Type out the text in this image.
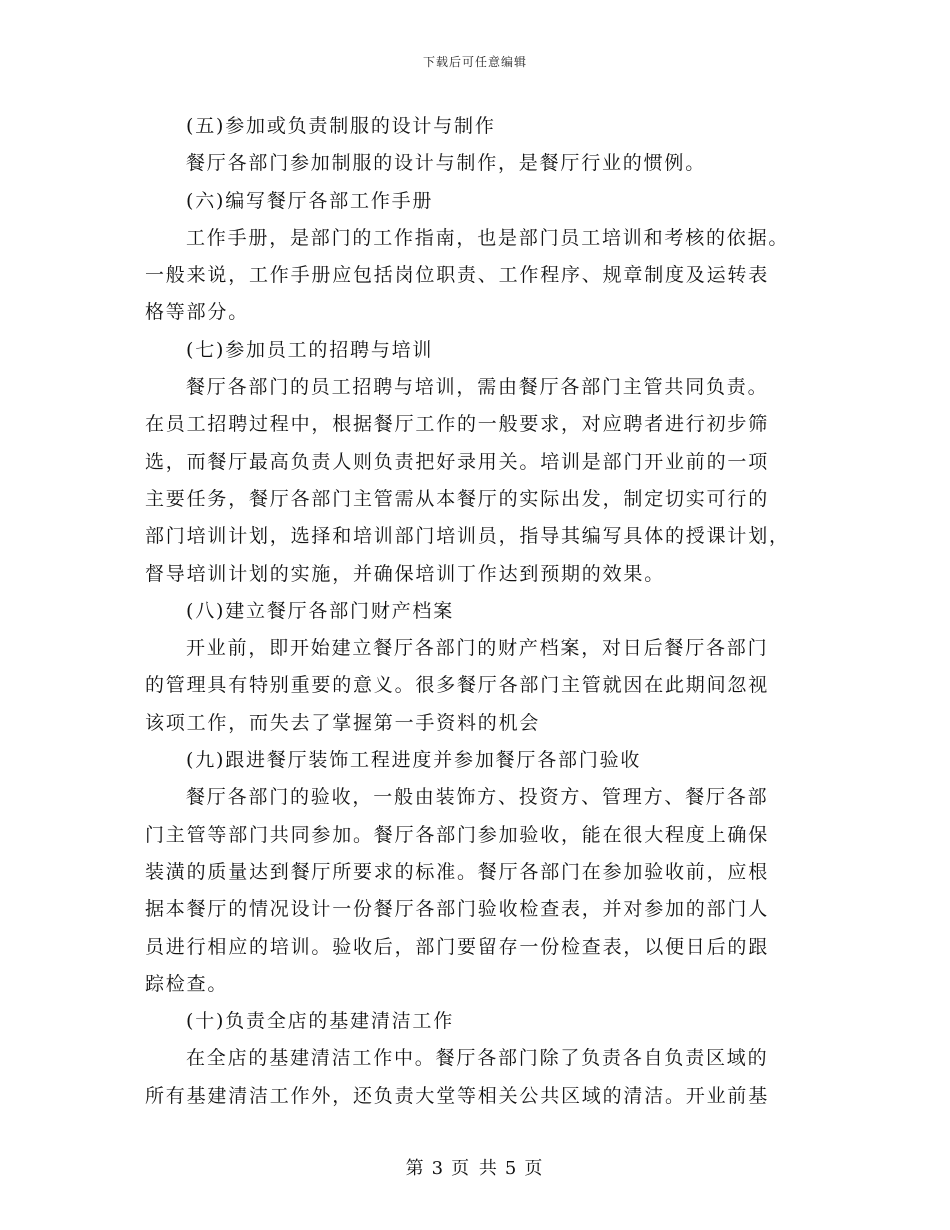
下载后可任意编辑
(五)参加或负责制服的设计与制作
餐厅各部门参加制服的设计与制作，是餐厅行业的惯例。
(六)编写餐厅各部工作手册
工作手册，是部门的工作指南，也是部门员工培训和考核的依据。
一般来说，工作手册应包括岗位职责、工作程序、规章制度及运转表
格等部分。
(七)参加员工的招聘与培训
餐厅各部门的员工招聘与培训，需由餐厅各部门主管共同负责。
在员工招聘过程中，根据餐厅工作的一般要求，对应聘者进行初步筛
选，而餐厅最高负责人则负责把好录用关。培训是部门开业前的一项
主要任务，餐厅各部门主管需从本餐厅的实际出发，制定切实可行的
部门培训计划，选择和培训部门培训员，指导其编写具体的授课计划，
督导培训计划的实施，并确保培训丁作达到预期的效果。
(八)建立餐厅各部门财产档案
开业前，即开始建立餐厅各部门的财产档案，对日后餐厅各部门
的管理具有特别重要的意义。很多餐厅各部门主管就因在此期间忽视
该项工作，而失去了掌握第一手资料的机会
(九)跟进餐厅装饰工程进度并参加餐厅各部门验收
餐厅各部门的验收，一般由装饰方、投资方、管理方、餐厅各部
门主管等部门共同参加。餐厅各部门参加验收，能在很大程度上确保
装潢的质量达到餐厅所要求的标准。餐厅各部门在参加验收前，应根
据本餐厅的情况设计一份餐厅各部门验收检查表，并对参加的部门人
员进行相应的培训。验收后，部门要留存一份检查表，以便日后的跟
踪检查。
(十)负责全店的基建清洁工作
在全店的基建清洁工作中。餐厅各部门除了负责各自负责区域的
所有基建清洁工作外，还负责大堂等相关公共区域的清洁。开业前基
第 3 页 共 5 页
